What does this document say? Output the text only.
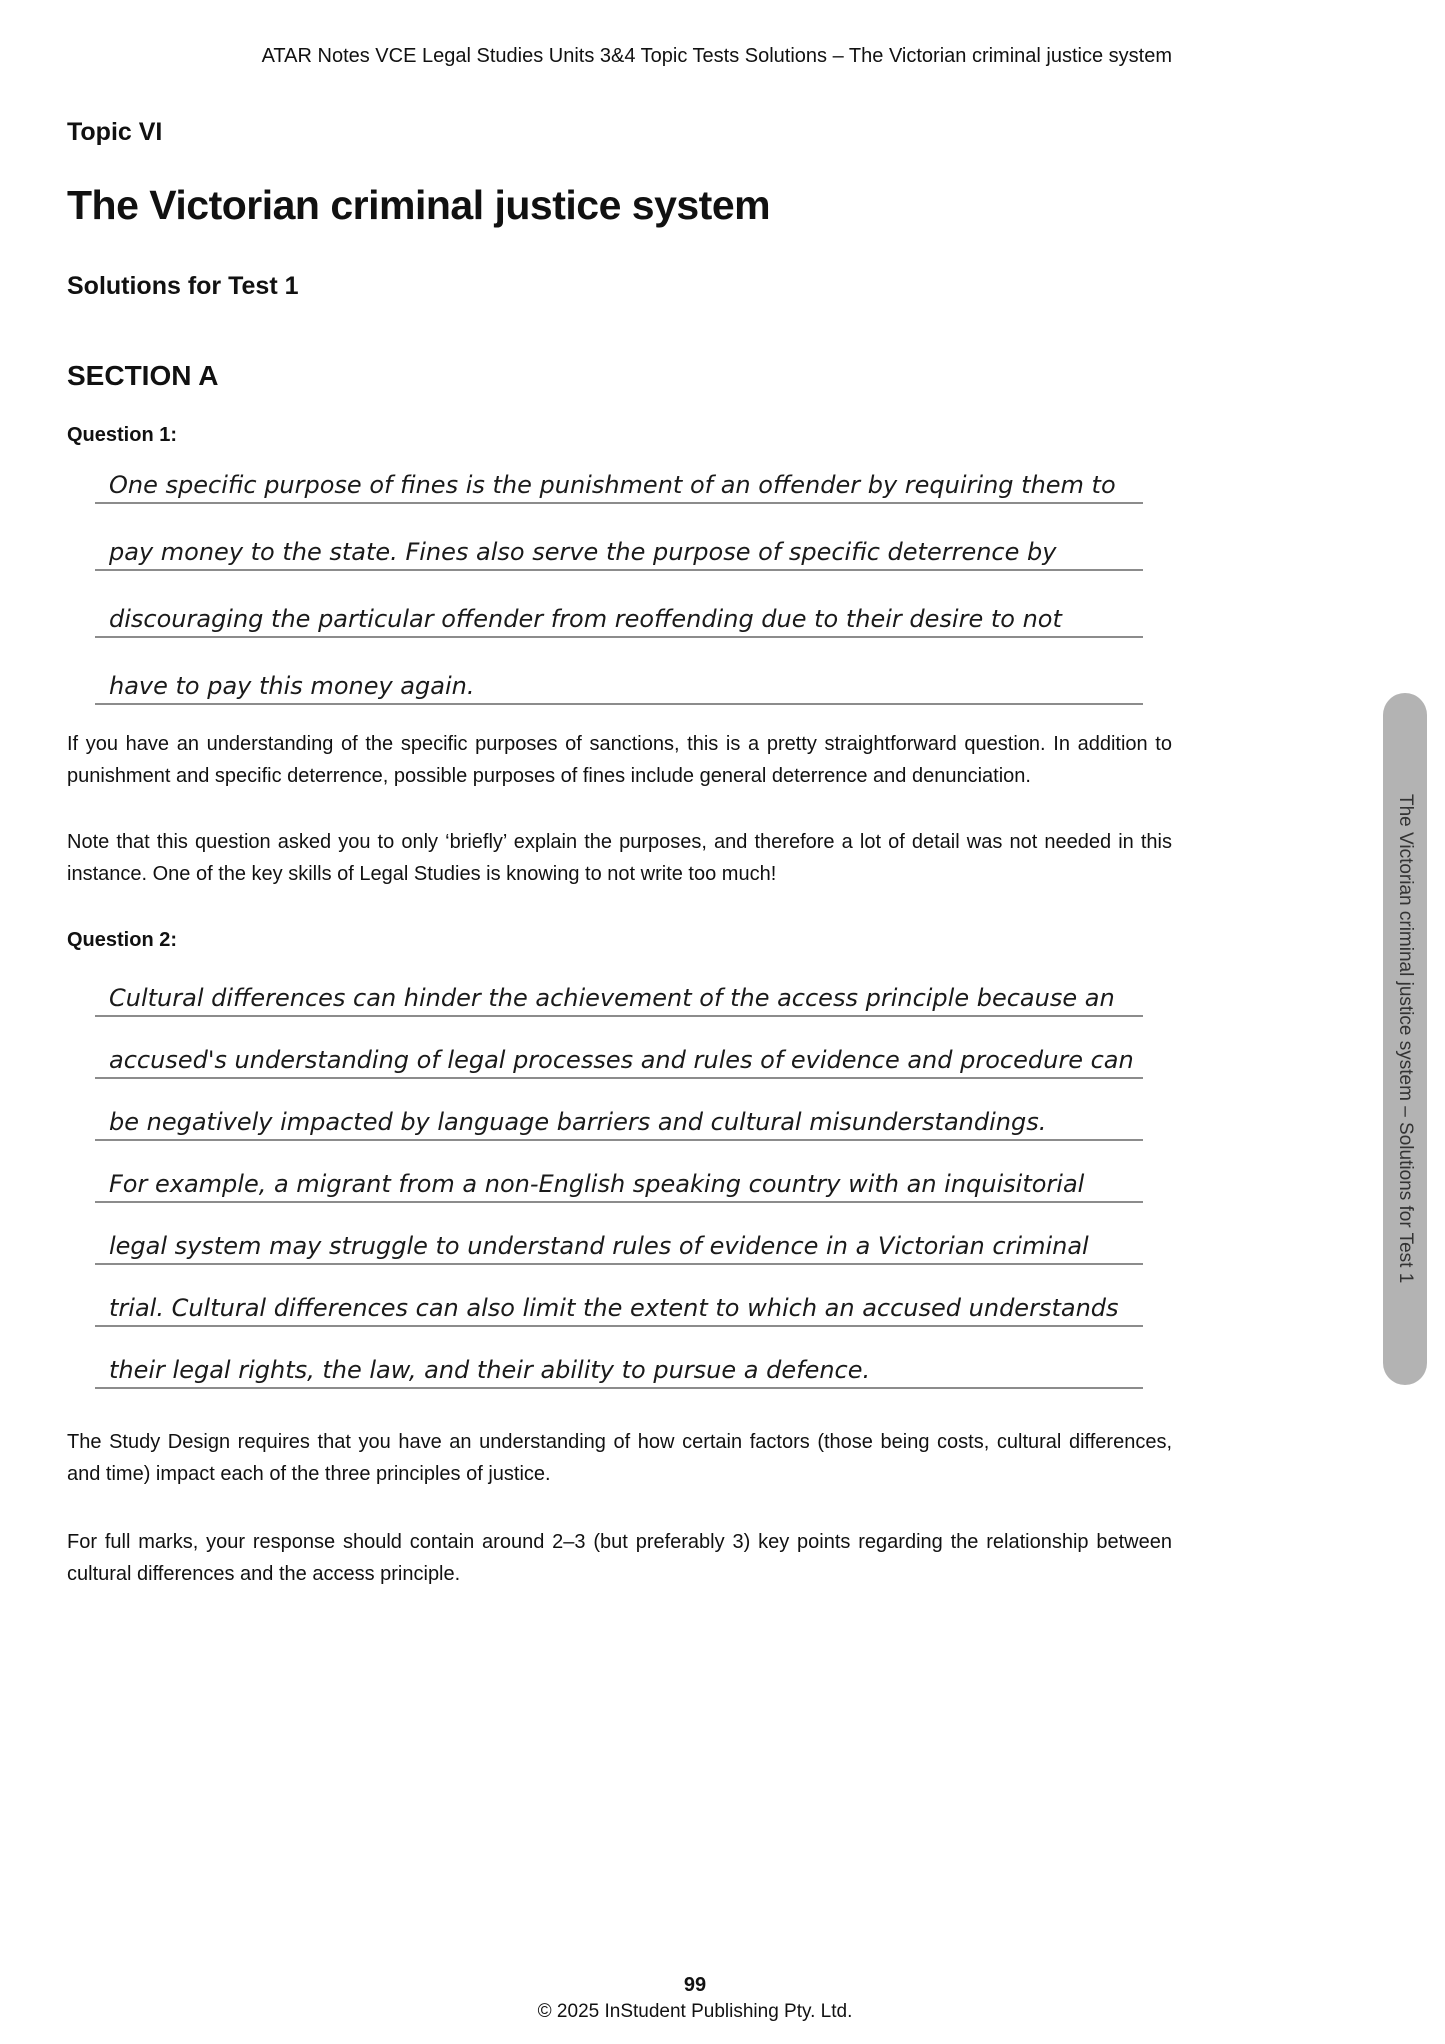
ATAR Notes VCE Legal Studies Units 3&4 Topic Tests Solutions – The Victorian criminal justice system
Topic VI
The Victorian criminal justice system
Solutions for Test 1
SECTION A
Question 1:
One specific purpose of fines is the punishment of an offender by requiring them to
pay money to the state. Fines also serve the purpose of specific deterrence by
discouraging the particular offender from reoffending due to their desire to not
have to pay this money again.

If you have an understanding of the specific purposes of sanctions, this is a pretty straightforward question. In addition to punishment and specific deterrence, possible purposes of fines include general deterrence and denunciation.

Note that this question asked you to only ‘briefly’ explain the purposes, and therefore a lot of detail was not needed in this instance. One of the key skills of Legal Studies is knowing to not write too much!

Question 2:
Cultural differences can hinder the achievement of the access principle because an
accused's understanding of legal processes and rules of evidence and procedure can
be negatively impacted by language barriers and cultural misunderstandings.
For example, a migrant from a non-English speaking country with an inquisitorial
legal system may struggle to understand rules of evidence in a Victorian criminal
trial. Cultural differences can also limit the extent to which an accused understands
their legal rights, the law, and their ability to pursue a defence.

The Study Design requires that you have an understanding of how certain factors (those being costs, cultural differences, and time) impact each of the three principles of justice.

For full marks, your response should contain around 2–3 (but preferably 3) key points regarding the relationship between cultural differences and the access principle.

The Victorian criminal justice system – Solutions for Test 1

99

© 2025 InStudent Publishing Pty. Ltd.
